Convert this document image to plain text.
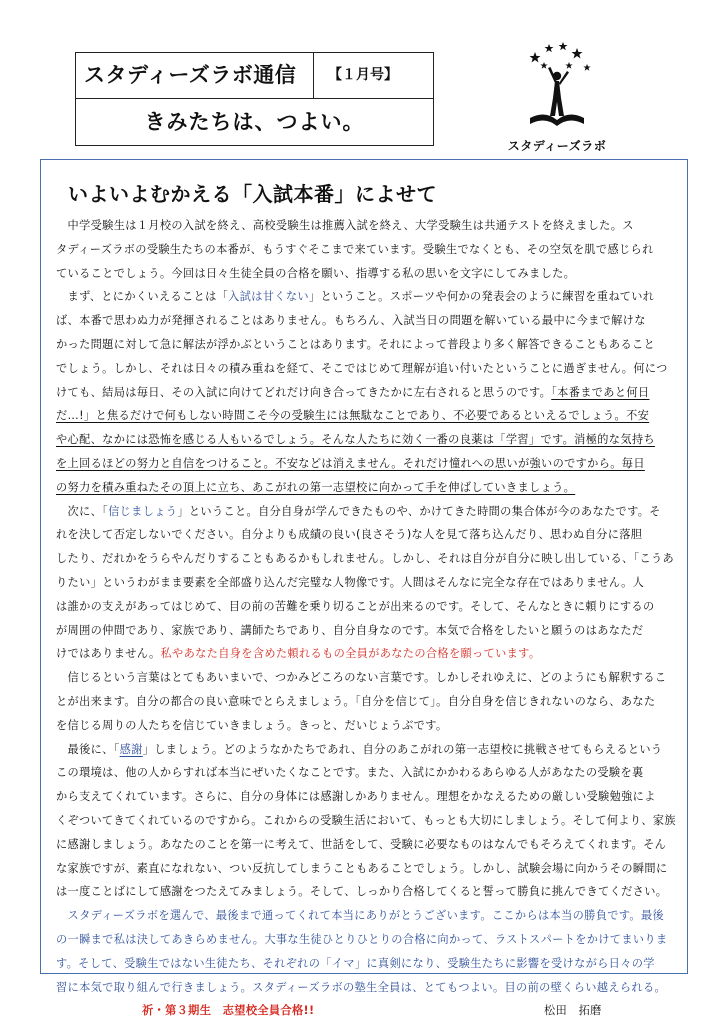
スタディーズラボ通信	【１月号】
きみたちは、つよい。
スタディーズラボ
いよいよむかえる「入試本番」によせて
　中学受験生は１月校の入試を終え、高校受験生は推薦入試を終え、大学受験生は共通テストを終えました。ス
タディーズラボの受験生たちの本番が、もうすぐそこまで来ています。受験生でなくとも、その空気を肌で感じられ
ていることでしょう。今回は日々生徒全員の合格を願い、指導する私の思いを文字にしてみました。
　まず、とにかくいえることは「入試は甘くない」ということ。スポーツや何かの発表会のように練習を重ねていれ
ば、本番で思わぬ力が発揮されることはありません。もちろん、入試当日の問題を解いている最中に今まで解けな
かった問題に対して急に解法が浮かぶということはあります。それによって普段より多く解答できることもあること
でしょう。しかし、それは日々の積み重ねを経て、そこではじめて理解が追い付いたということに過ぎません。何につ
けても、結局は毎日、その入試に向けてどれだけ向き合ってきたかに左右されると思うのです。「本番まであと何日
だ…!」と焦るだけで何もしない時間こそ今の受験生には無駄なことであり、不必要であるといえるでしょう。不安
や心配、なかには恐怖を感じる人もいるでしょう。そんな人たちに効く一番の良薬は「学習」です。消極的な気持ち
を上回るほどの努力と自信をつけること。不安などは消えません。それだけ憧れへの思いが強いのですから。毎日
の努力を積み重ねたその頂上に立ち、あこがれの第一志望校に向かって手を伸ばしていきましょう。
　次に、「信じましょう」ということ。自分自身が学んできたものや、かけてきた時間の集合体が今のあなたです。そ
れを決して否定しないでください。自分よりも成績の良い(良さそう)な人を見て落ち込んだり、思わぬ自分に落胆
したり、だれかをうらやんだりすることもあるかもしれません。しかし、それは自分が自分に映し出している、「こうあ
りたい」というわがまま要素を全部盛り込んだ完璧な人物像です。人間はそんなに完全な存在ではありません。人
は誰かの支えがあってはじめて、目の前の苦難を乗り切ることが出来るのです。そして、そんなときに頼りにするの
が周囲の仲間であり、家族であり、講師たちであり、自分自身なのです。本気で合格をしたいと願うのはあなただ
けではありません。私やあなた自身を含めた頼れるもの全員があなたの合格を願っています。
　信じるという言葉はとてもあいまいで、つかみどころのない言葉です。しかしそれゆえに、どのようにも解釈するこ
とが出来ます。自分の都合の良い意味でとらえましょう。「自分を信じて」。自分自身を信じきれないのなら、あなた
を信じる周りの人たちを信じていきましょう。きっと、だいじょうぶです。
　最後に、「感謝」しましょう。どのようなかたちであれ、自分のあこがれの第一志望校に挑戦させてもらえるという
この環境は、他の人からすれば本当にぜいたくなことです。また、入試にかかわるあらゆる人があなたの受験を裏
から支えてくれています。さらに、自分の身体には感謝しかありません。理想をかなえるための厳しい受験勉強によ
くぞついてきてくれているのですから。これからの受験生活において、もっとも大切にしましょう。そして何より、家族
に感謝しましょう。あなたのことを第一に考えて、世話をして、受験に必要なものはなんでもそろえてくれます。そん
な家族ですが、素直になれない、つい反抗してしまうこともあることでしょう。しかし、試験会場に向かうその瞬間に
は一度ことばにして感謝をつたえてみましょう。そして、しっかり合格してくると誓って勝負に挑んできてください。
　スタディーズラボを選んで、最後まで通ってくれて本当にありがとうございます。ここからは本当の勝負です。最後
の一瞬まで私は決してあきらめません。大事な生徒ひとりひとりの合格に向かって、ラストスパートをかけてまいりま
す。そして、受験生ではない生徒たち、それぞれの「イマ」に真剣になり、受験生たちに影響を受けながら日々の学
習に本気で取り組んで行きましょう。スタディーズラボの塾生全員は、とてもつよい。目の前の壁くらい越えられる。
祈・第３期生　志望校全員合格!!	松田　拓磨
